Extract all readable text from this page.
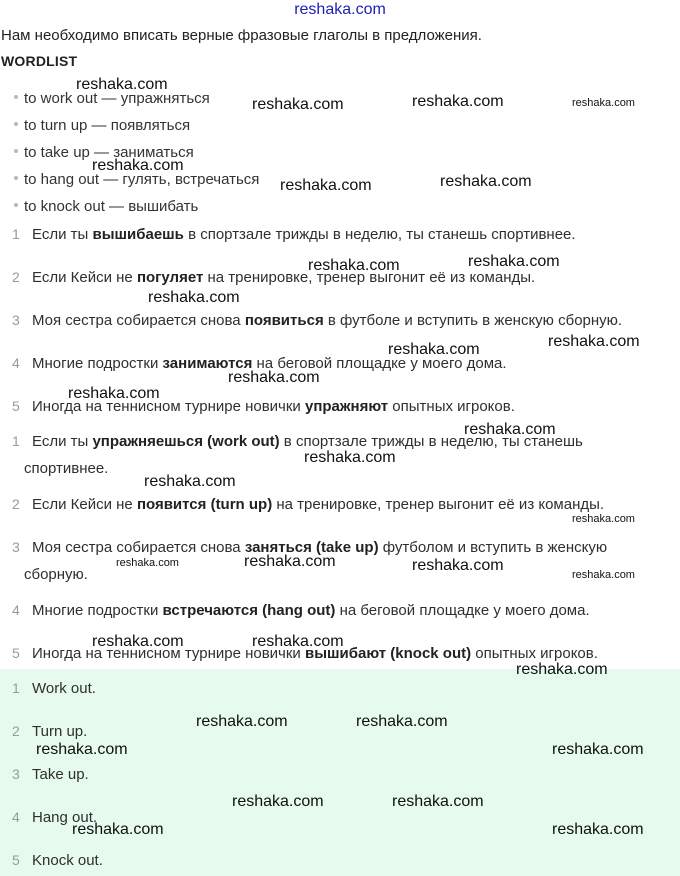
reshaka.com
Нам необходимо вписать верные фразовые глаголы в предложения.
WORDLIST
to work out — упражняться
to turn up — появляться
to take up — заниматься
to hang out — гулять, встречаться
to knock out — вышибать
1 Если ты вышибаешь в спортзале трижды в неделю, ты станешь спортивнее.
2 Если Кейси не погуляет на тренировке, тренер выгонит её из команды.
3 Моя сестра собирается снова появиться в футболе и вступить в женскую сборную.
4 Многие подростки занимаются на беговой площадке у моего дома.
5 Иногда на теннисном турнире новички упражняют опытных игроков.
1 Если ты упражняешься (work out) в спортзале трижды в неделю, ты станешь
спортивнее.
2 Если Кейси не появится (turn up) на тренировке, тренер выгонит её из команды.
3 Моя сестра собирается снова заняться (take up) футболом и вступить в женскую
сборную.
4 Многие подростки встречаются (hang out) на беговой площадке у моего дома.
5 Иногда на теннисном турнире новички вышибают (knock out) опытных игроков.
1 Work out.
2 Turn up.
3 Take up.
4 Hang out.
5 Knock out.
reshaka.com
reshaka.com	reshaka.com	reshaka.com
reshaka.com
reshaka.com	reshaka.com
reshaka.com	reshaka.com
reshaka.com
reshaka.com
reshaka.com
reshaka.com
reshaka.com
reshaka.com
reshaka.com
reshaka.com
reshaka.com
reshaka.com
reshaka.com	reshaka.com
reshaka.com
reshaka.com	reshaka.com
reshaka.com
reshaka.com	reshaka.com
reshaka.com	reshaka.com
reshaka.com	reshaka.com
reshaka.com	reshaka.com
